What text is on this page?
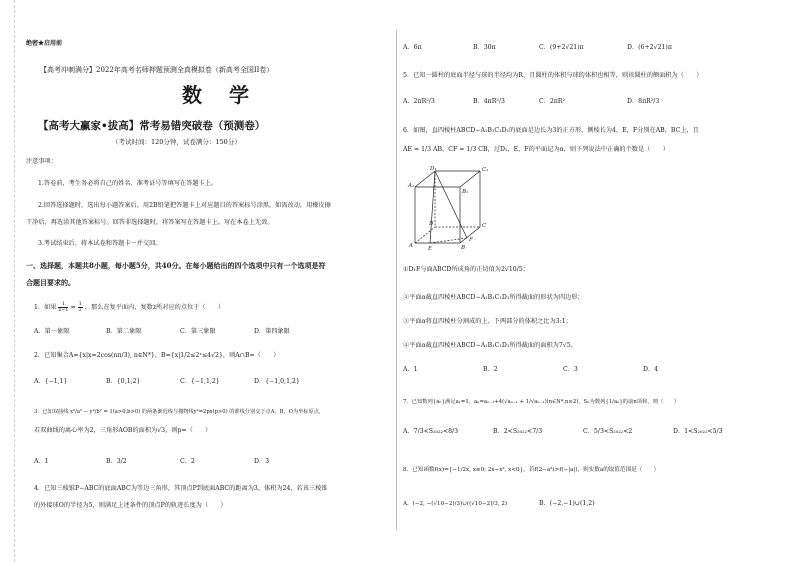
绝密★启用前
【高考冲刺满分】2022年高考名师押题预测全真模拟卷（新高考全国II卷）
数 学
【高考大赢家•拔高】常考易错突破卷（预测卷）
（考试时间：120分钟，试卷满分：150分）
注意事项：
1.答卷前，考生务必将自己的姓名、准考证号等填写在答题卡上。
2.回答选择题时，选出每小题答案后，用2B铅笔把答题卡上对应题目的答案标号涂黑。如需改动，用橡皮擦
干净后，再选涂其他答案标号。回答非选择题时，将答案写在答题卡上。写在本卷上无效。
3.考试结束后，将本试卷和答题卡一并交回。
一、选择题，本题共8小题，每小题5分，共40分。在每小题给出的四个选项中只有一个选项是符
合题目要求的。
1．如果 $\frac{1}{z-1} = \frac{1}{2}$ ，那么在复平面内，复数z所对应的点位于（　　）
A．第一象限	B．第二象限	C．第三象限	D．第四象限
2．已知集合A={x|x=2cos(nπ/3), n∈N*}，B={x|1/2≤2ˣ≤4√2}，则A∩B=（　　）
A．{−1,1}	B．{0,1,2}	C．{−1,1,2}	D．{−1,0,1,2}
3．已知双曲线 x²/a² − y²/b² = 1(a>0,b>0) 的两条渐近线与抛物线y²=2px(p>0) 的准线分别交于点A、B，O为坐标原点，
若双曲线的离心率为2，三角形AOB的面积为√3，则p=（　　）
A．1	B．3/2	C．2	D．3
4．已知三棱锥P−ABC的底面ABC为等边三角形，其顶点P到底面ABC的距离为3，体积为24，若该三棱锥
的外接球O的半径为5，则满足上述条件的顶点P的轨迹长度为（　　）
A．6π	B．30π	C．(9+2√21)π	D．(6+2√21)π
5．已知一圆柱的底面半径与球的半径均为R，且圆柱的体积与球的体积也相等，则该圆柱的侧面积为（　　）
A．2πR²/3	B．4πR²/3	C．2πR²	D．8πR²/3
6．如图，直四棱柱ABCD−A₁B₁C₁D₁的底面是边长为3的正方形，侧棱长为4，E，F分别在AB，BC上，且
AE = 1/3 AB，CF = 1/3 CB，过D₁，E，F的平面记为α，则下列说法中正确的个数是（　　）
①D₁F与面ABCD所成角的正切值为2√10/5；
②平面α截直四棱柱ABCD−A₁B₁C₁D₁所得截面的形状为四边形；
③平面α将直四棱柱分割成的上、下两部分的体积之比为3:1；
④平面α截直四棱柱ABCD−A₁B₁C₁D₁所得截面的面积为7√5。
A．1	B．2	C．3	D．4
7．已知数列{aₙ}满足a₁=1，aₙ=aₙ₋₁+4(√aₙ₋₁ + 1/√aₙ₋₁)(n∈N*,n≥2)，Sₙ为数列{1/aₙ}的前n项和，则（　　）
A．7/3<S₂₀₂₂<8/3	B．2<S₂₀₂₂<7/3	C．5/3<S₂₀₂₂<2	D．1<S₂₀₂₂<5/3
8．已知函数f(x)={−1/2x, x≥0; 2x−x², x<0}，若f(2−a²)>f(−|a|)，则实数a的取值范围是（　　）
A．(−2, −(√10−2)/3)∪((√10−2)/3, 2)	B．(−2,−1)∪(1,2)
D₁	C₁
A₁
B₁
D	C
A	B
E
F
